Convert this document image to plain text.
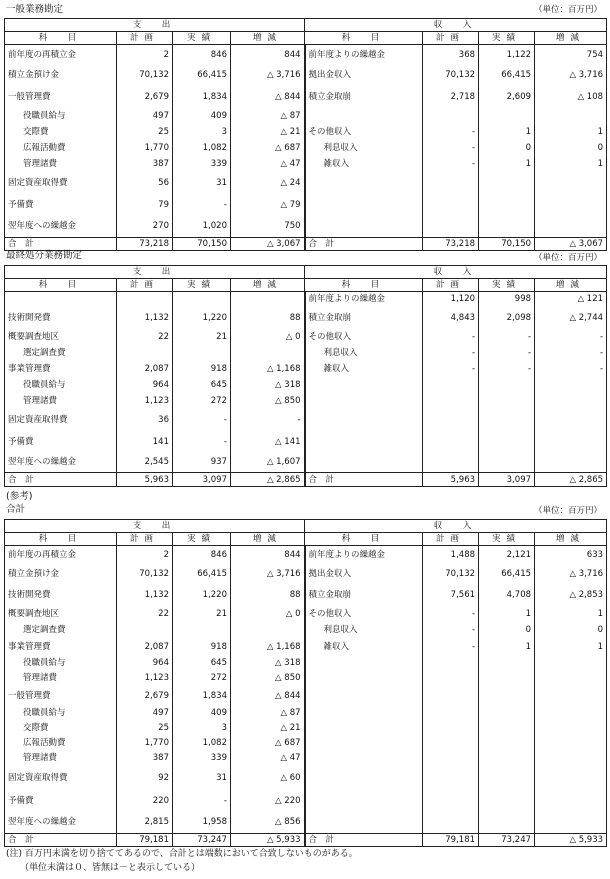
一般業務勘定	（単位：百万円）
支　出				収　入			
科　目	計画	実績	増減	科　目	計画	実績	増減
前年度の再積立金	2	846	844	前年度よりの繰越金	368	1,122	754
積立金預け金	70,132	66,415	△ 3,716	拠出金収入	70,132	66,415	△ 3,716
一般管理費	2,679	1,834	△ 844	積立金取崩	2,718	2,609	△ 108
役職員給与	497	409	△ 87				
交際費	25	3	△ 21	その他収入	-	1	1
広報活動費	1,770	1,082	△ 687	利息収入	-	0	0
管理諸費	387	339	△ 47	雑収入	-	1	1
固定資産取得費	56	31	△ 24				
予備費	79	-	△ 79				
翌年度への繰越金	270	1,020	750				
合　計	73,218	70,150	△ 3,067	合　計	73,218	70,150	△ 3,067
最終処分業務勘定	（単位：百万円）
支　出				収　入			
科　目	計画	実績	増減	科　目	計画	実績	増減
				前年度よりの繰越金	1,120	998	△ 121
技術開発費	1,132	1,220	88	積立金取崩	4,843	2,098	△ 2,744
概要調査地区	22	21	△ 0	その他収入	-	-	-
選定調査費				利息収入	-	-	-
事業管理費	2,087	918	△ 1,168	雑収入	-	-	-
役職員給与	964	645	△ 318				
管理諸費	1,123	272	△ 850				
固定資産取得費	36	-	-				
予備費	141	-	△ 141				
翌年度への繰越金	2,545	937	△ 1,607				
合　計	5,963	3,097	△ 2,865	合　計	5,963	3,097	△ 2,865
(参考)
合計	（単位：百万円）
支　出				収　入			
科　目	計画	実績	増減	科　目	計画	実績	増減
前年度の再積立金	2	846	844	前年度よりの繰越金	1,488	2,121	633
積立金預け金	70,132	66,415	△ 3,716	拠出金収入	70,132	66,415	△ 3,716
技術開発費	1,132	1,220	88	積立金取崩	7,561	4,708	△ 2,853
概要調査地区	22	21	△ 0	その他収入	-	1	1
選定調査費				利息収入	-	0	0
事業管理費	2,087	918	△ 1,168	雑収入	-	1	1
役職員給与	964	645	△ 318				
管理諸費	1,123	272	△ 850				
一般管理費	2,679	1,834	△ 844				
役職員給与	497	409	△ 87				
交際費	25	3	△ 21				
広報活動費	1,770	1,082	△ 687				
管理諸費	387	339	△ 47				
固定資産取得費	92	31	△ 60				
予備費	220	-	△ 220				
翌年度への繰越金	2,815	1,958	△ 856				
合　計	79,181	73,247	△ 5,933	合　計	79,181	73,247	△ 5,933
(注) 百万円未満を切り捨ててあるので、合計とは端数において合致しないものがある。
（単位未満は０、皆無は－と表示している）
